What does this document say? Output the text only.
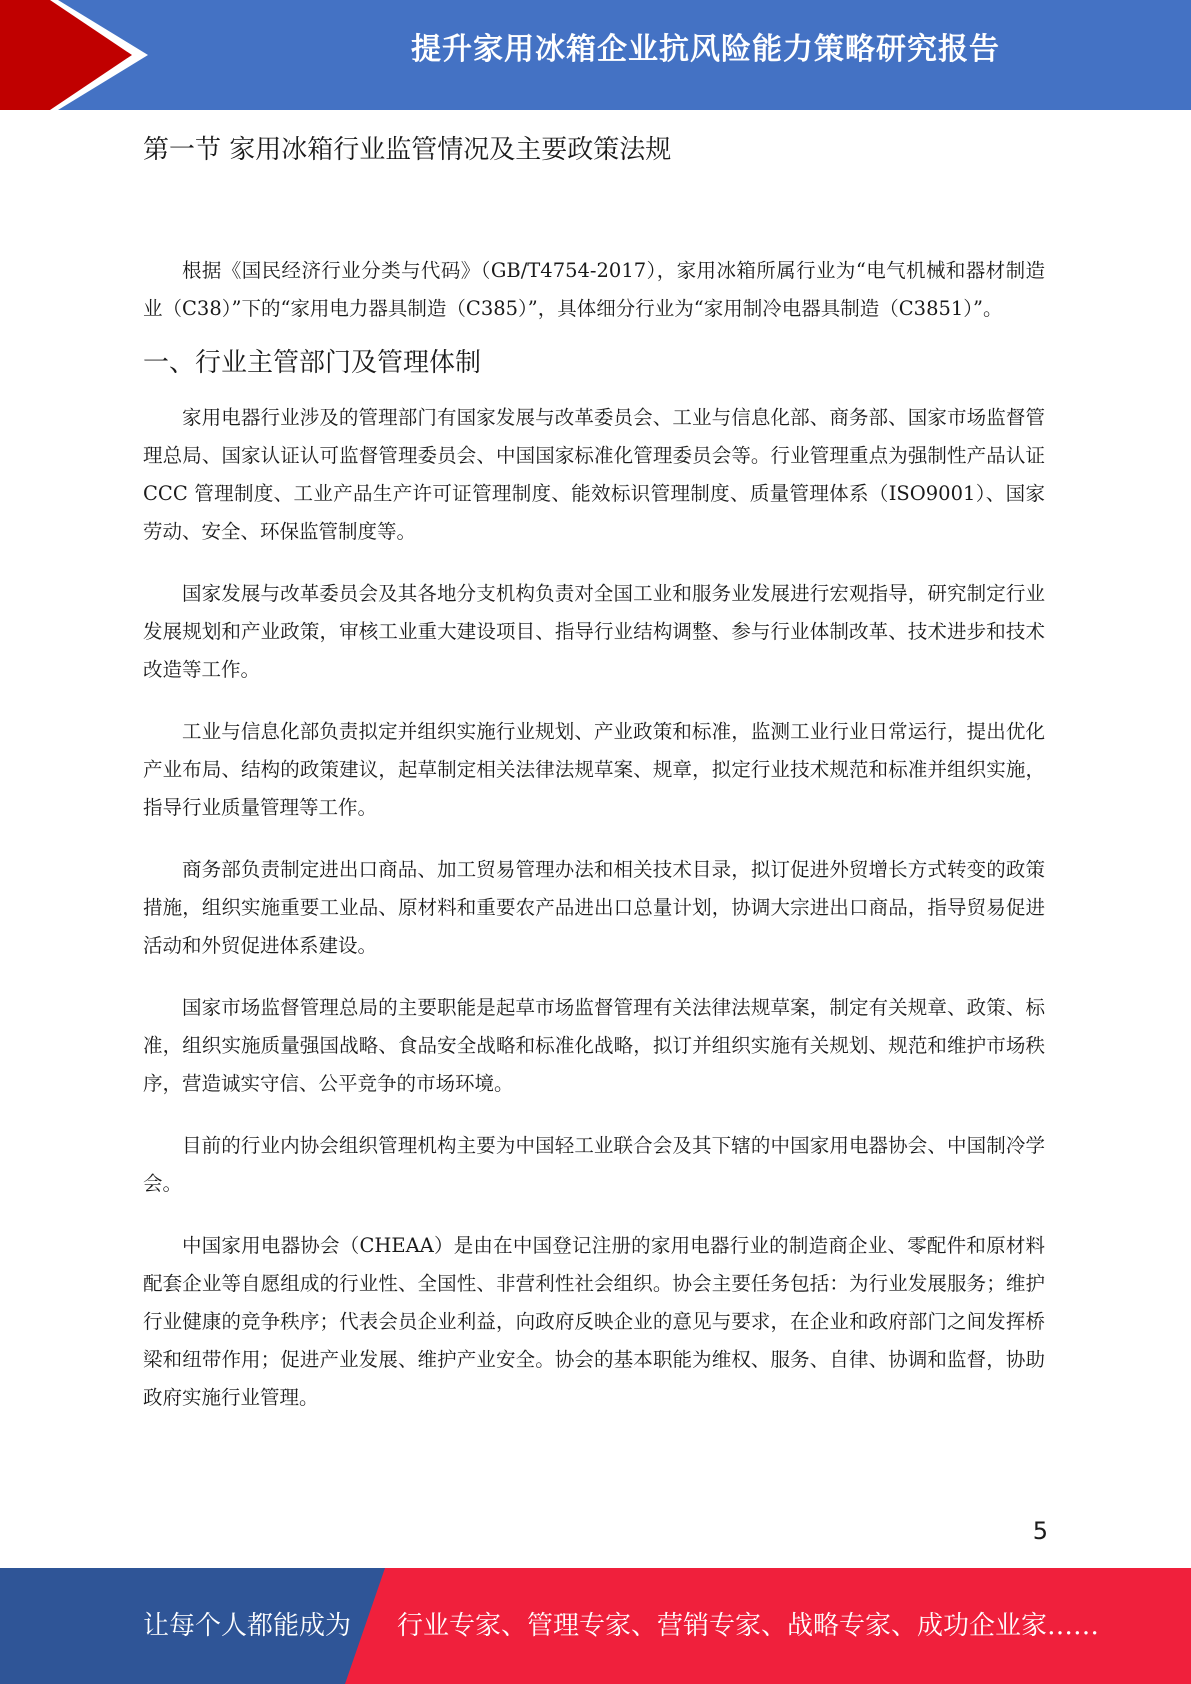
提升家用冰箱企业抗风险能力策略研究报告
第一节 家用冰箱行业监管情况及主要政策法规

根据《国民经济行业分类与代码》（GB/T4754-2017），家用冰箱所属行业为“电气机械和器材制造业（C38）”下的“家用电力器具制造（C385）”，具体细分行业为“家用制冷电器具制造（C3851）”。

一、行业主管部门及管理体制

家用电器行业涉及的管理部门有国家发展与改革委员会、工业与信息化部、商务部、国家市场监督管理总局、国家认证认可监督管理委员会、中国国家标准化管理委员会等。行业管理重点为强制性产品认证 CCC 管理制度、工业产品生产许可证管理制度、能效标识管理制度、质量管理体系（ISO9001）、国家劳动、安全、环保监管制度等。

国家发展与改革委员会及其各地分支机构负责对全国工业和服务业发展进行宏观指导，研究制定行业发展规划和产业政策，审核工业重大建设项目、指导行业结构调整、参与行业体制改革、技术进步和技术改造等工作。

工业与信息化部负责拟定并组织实施行业规划、产业政策和标准，监测工业行业日常运行，提出优化产业布局、结构的政策建议，起草制定相关法律法规草案、规章，拟定行业技术规范和标准并组织实施，指导行业质量管理等工作。

商务部负责制定进出口商品、加工贸易管理办法和相关技术目录，拟订促进外贸增长方式转变的政策措施，组织实施重要工业品、原材料和重要农产品进出口总量计划，协调大宗进出口商品，指导贸易促进活动和外贸促进体系建设。

国家市场监督管理总局的主要职能是起草市场监督管理有关法律法规草案，制定有关规章、政策、标准，组织实施质量强国战略、食品安全战略和标准化战略，拟订并组织实施有关规划、规范和维护市场秩序，营造诚实守信、公平竞争的市场环境。

目前的行业内协会组织管理机构主要为中国轻工业联合会及其下辖的中国家用电器协会、中国制冷学会。

中国家用电器协会（CHEAA）是由在中国登记注册的家用电器行业的制造商企业、零配件和原材料配套企业等自愿组成的行业性、全国性、非营利性社会组织。协会主要任务包括：为行业发展服务；维护行业健康的竞争秩序；代表会员企业利益，向政府反映企业的意见与要求，在企业和政府部门之间发挥桥梁和纽带作用；促进产业发展、维护产业安全。协会的基本职能为维权、服务、自律、协调和监督，协助政府实施行业管理。

5
让每个人都能成为 行业专家、管理专家、营销专家、战略专家、成功企业家……
